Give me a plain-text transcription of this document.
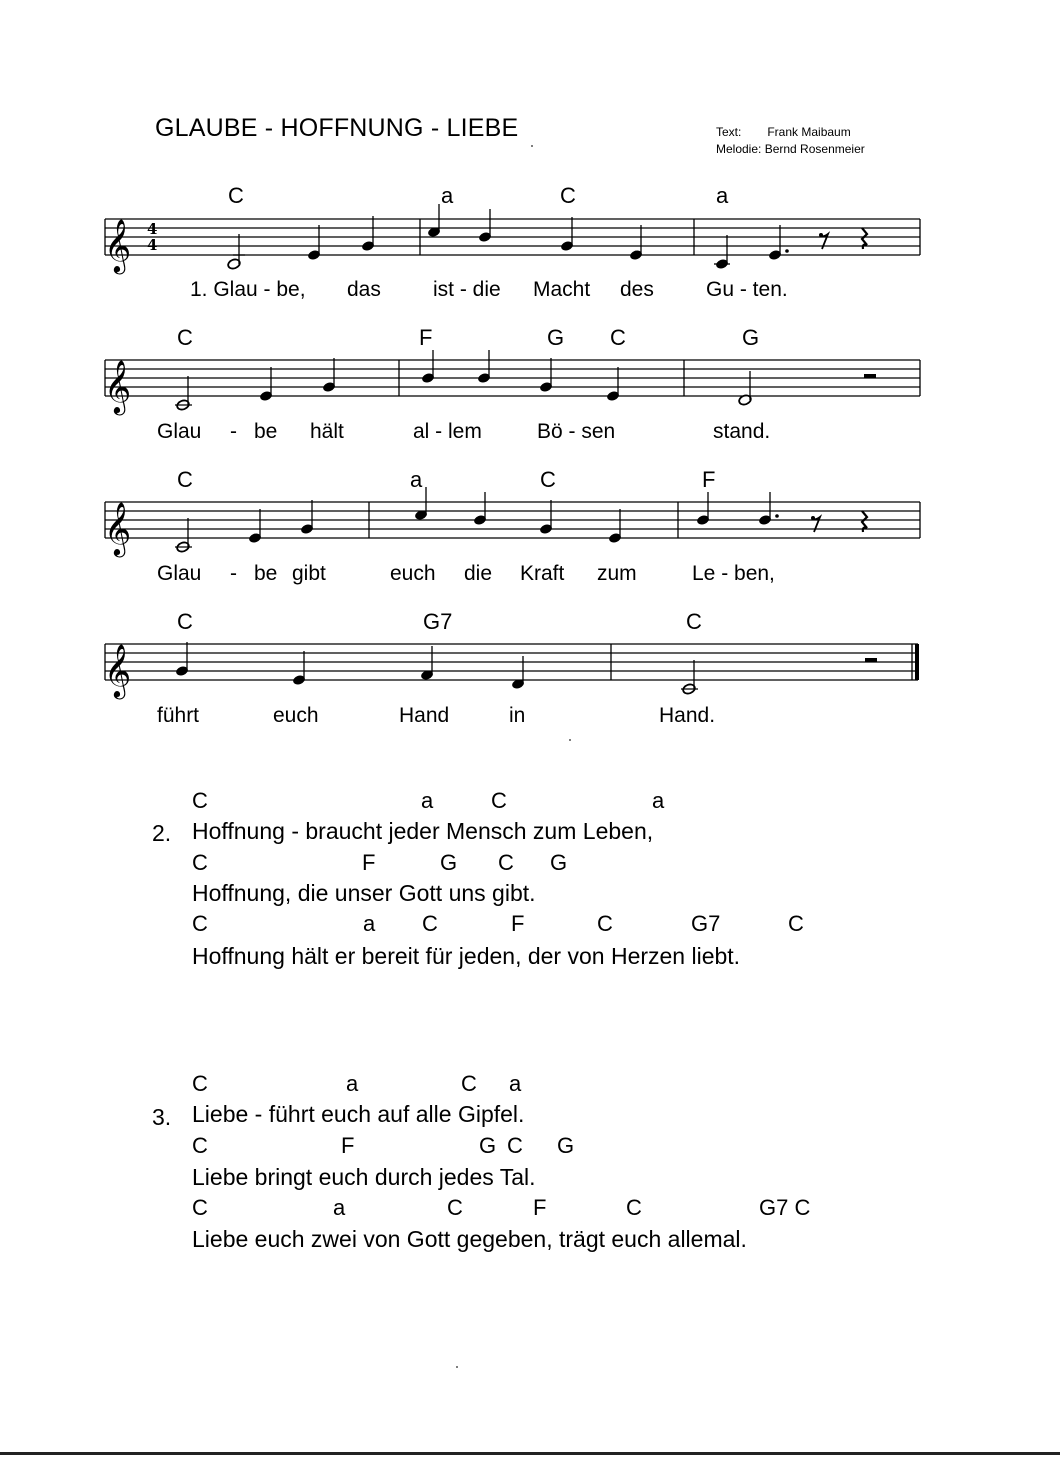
GLAUBE - HOFFNUNG - LIEBE	Text: Frank Maibaum
Melodie: Bernd Rosenmeier
C	a	C	a
𝄞 4
4
1. Glau - be, das ist - die Macht des Gu - ten.
C	F	G C	G
𝄞
Glau - be hält	al - lem	Bö - sen	stand.
C	a	C	F
𝄞
Glau - be gibt	euch die Kraft zum	Le - ben,
C	G7	C
𝄞
führt	euch	Hand	in	Hand.
2.
C	a	C	a
Hoffnung - braucht jeder Mensch zum Leben,
C	F	G C G
Hoffnung, die unser Gott uns gibt.
C	a C	F	C	G7	C
Hoffnung hält er bereit für jeden, der von Herzen liebt.
3.
C	a	C a
Liebe - führt euch auf alle Gipfel.
C	F	G C G
Liebe bringt euch durch jedes Tal.
C	a	C	F	C	G7 C
Liebe euch zwei von Gott gegeben, trägt euch allemal.
